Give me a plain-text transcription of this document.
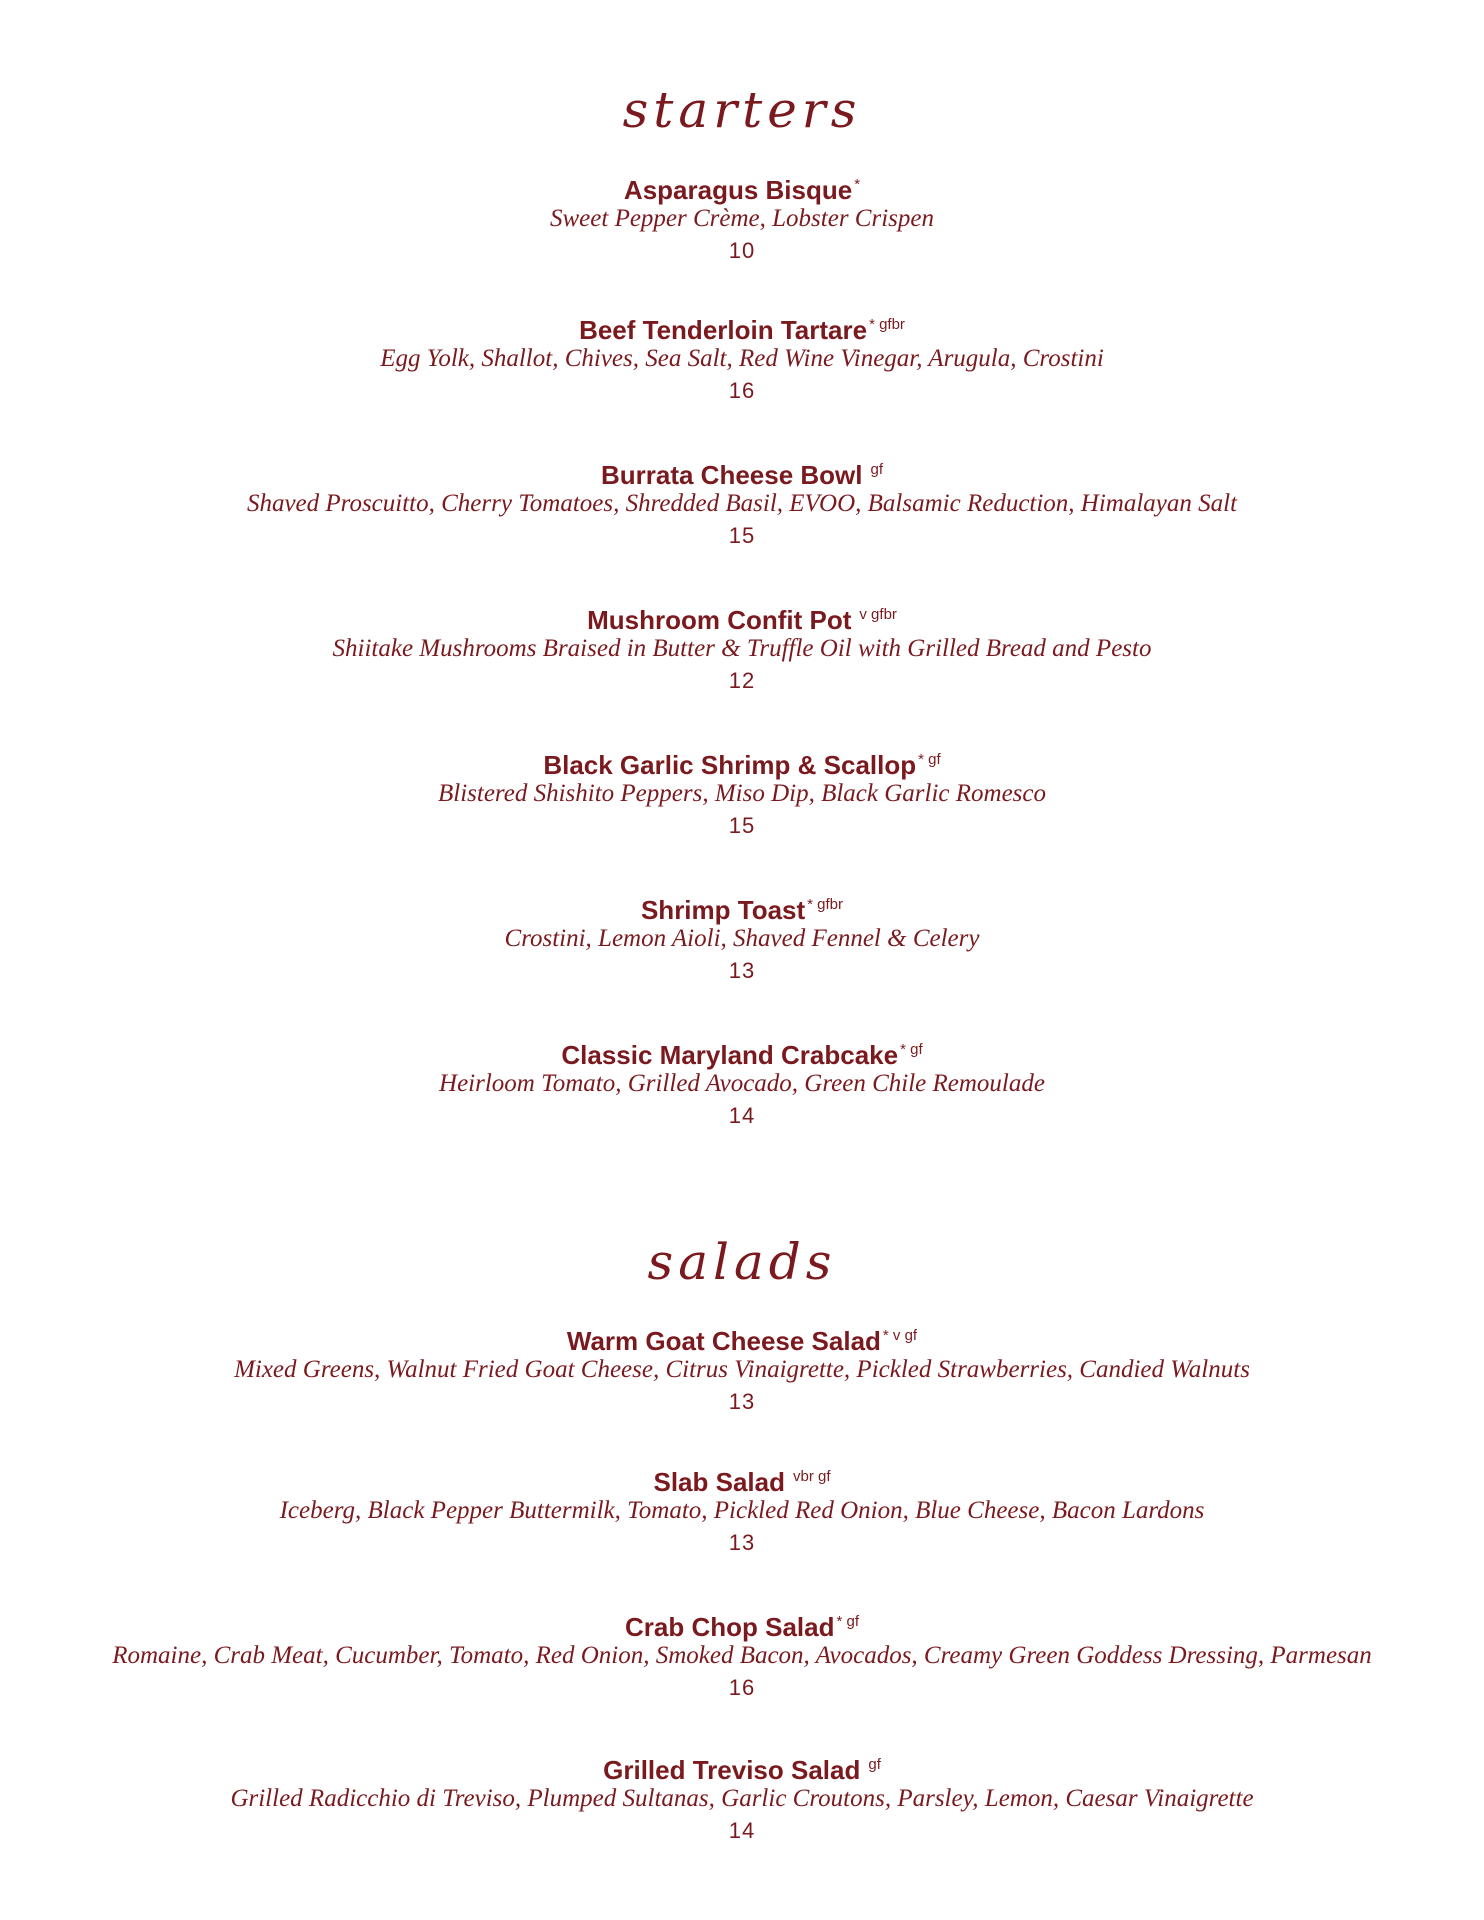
starters
Asparagus Bisque *
Sweet Pepper Crème, Lobster Crispen
10
Beef Tenderloin Tartare * gfbr
Egg Yolk, Shallot, Chives, Sea Salt, Red Wine Vinegar, Arugula, Crostini
16
Burrata Cheese Bowl gf
Shaved Proscuitto, Cherry Tomatoes, Shredded Basil, EVOO, Balsamic Reduction, Himalayan Salt
15
Mushroom Confit Pot v gfbr
Shiitake Mushrooms Braised in Butter & Truffle Oil with Grilled Bread and Pesto
12
Black Garlic Shrimp & Scallop * gf
Blistered Shishito Peppers, Miso Dip, Black Garlic Romesco
15
Shrimp Toast * gfbr
Crostini, Lemon Aioli, Shaved Fennel & Celery
13
Classic Maryland Crabcake * gf
Heirloom Tomato, Grilled Avocado, Green Chile Remoulade
14
salads
Warm Goat Cheese Salad * v gf
Mixed Greens, Walnut Fried Goat Cheese, Citrus Vinaigrette, Pickled Strawberries, Candied Walnuts
13
Slab Salad vbr gf
Iceberg, Black Pepper Buttermilk, Tomato, Pickled Red Onion, Blue Cheese, Bacon Lardons
13
Crab Chop Salad * gf
Romaine, Crab Meat, Cucumber, Tomato, Red Onion, Smoked Bacon, Avocados, Creamy Green Goddess Dressing, Parmesan
16
Grilled Treviso Salad gf
Grilled Radicchio di Treviso, Plumped Sultanas, Garlic Croutons, Parsley, Lemon, Caesar Vinaigrette
14
